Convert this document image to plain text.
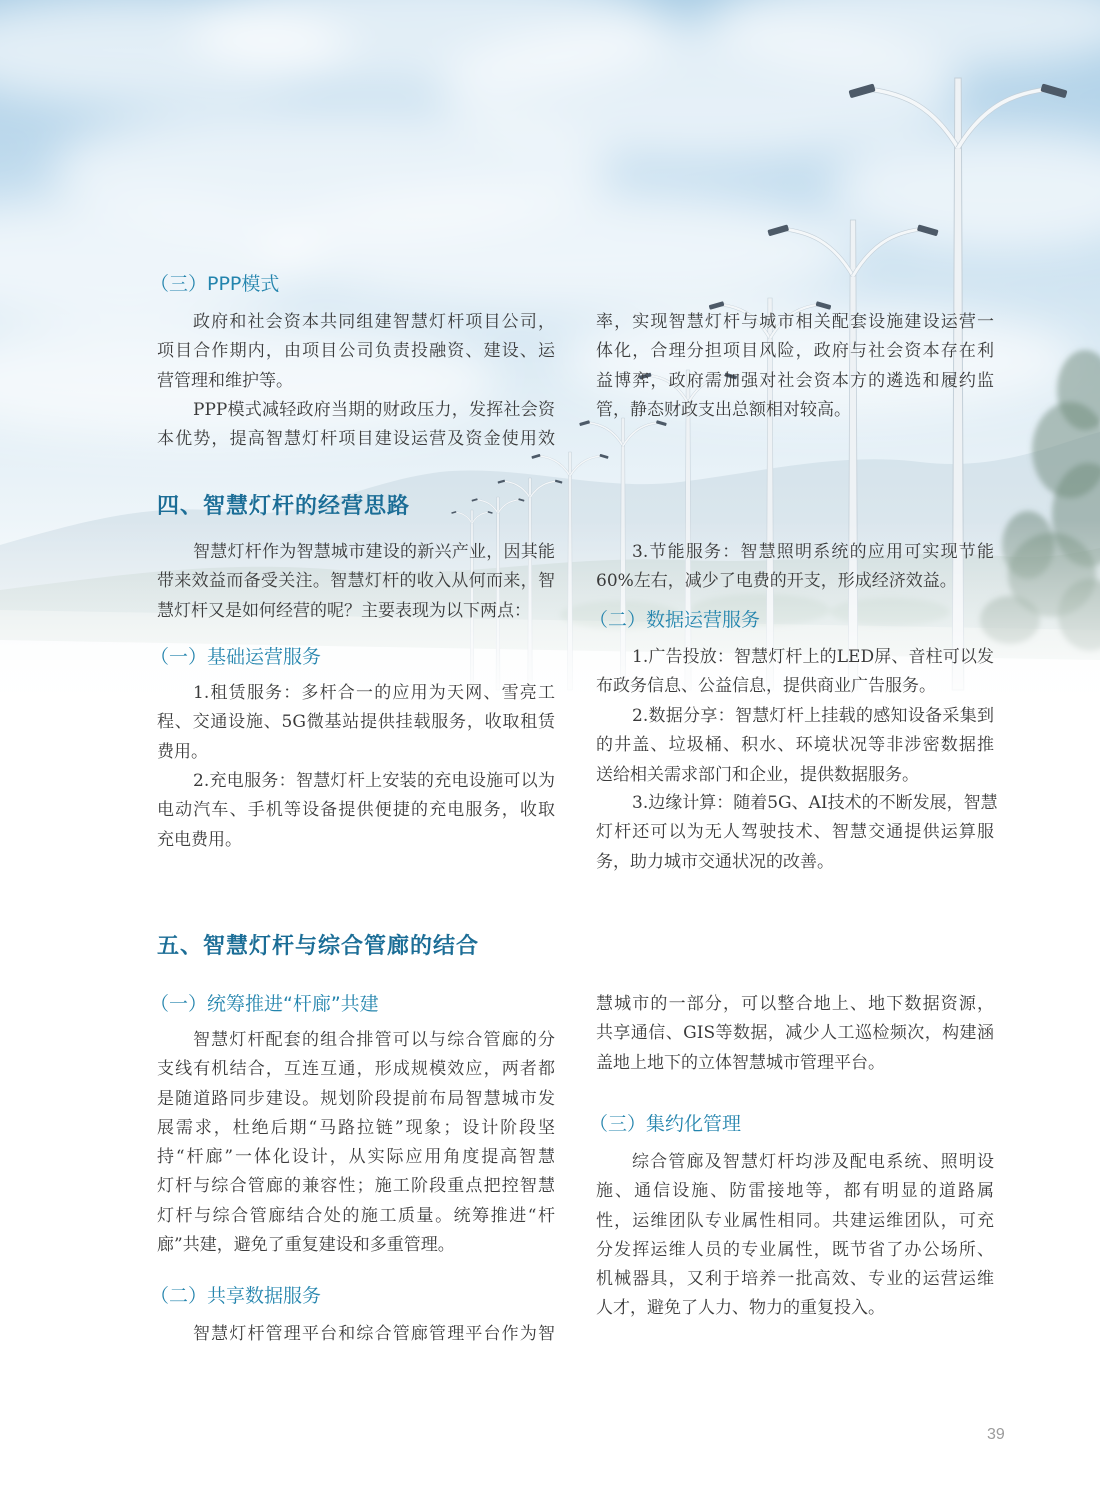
（三）PPP模式
政府和社会资本共同组建智慧灯杆项目公司，
项目合作期内，由项目公司负责投融资、建设、运
营管理和维护等。
PPP模式减轻政府当期的财政压力，发挥社会资
本优势，提高智慧灯杆项目建设运营及资金使用效
率，实现智慧灯杆与城市相关配套设施建设运营一
体化，合理分担项目风险，政府与社会资本存在利
益博弈，政府需加强对社会资本方的遴选和履约监
管，静态财政支出总额相对较高。
四、智慧灯杆的经营思路
智慧灯杆作为智慧城市建设的新兴产业，因其能
带来效益而备受关注。智慧灯杆的收入从何而来，智
慧灯杆又是如何经营的呢？主要表现为以下两点：
（一）基础运营服务
1.租赁服务：多杆合一的应用为天网、雪亮工
程、交通设施、5G微基站提供挂载服务，收取租赁
费用。
2.充电服务：智慧灯杆上安装的充电设施可以为
电动汽车、手机等设备提供便捷的充电服务，收取
充电费用。
3.节能服务：智慧照明系统的应用可实现节能
60%左右，减少了电费的开支，形成经济效益。
（二）数据运营服务
1.广告投放：智慧灯杆上的LED屏、音柱可以发
布政务信息、公益信息，提供商业广告服务。
2.数据分享：智慧灯杆上挂载的感知设备采集到
的井盖、垃圾桶、积水、环境状况等非涉密数据推
送给相关需求部门和企业，提供数据服务。
3.边缘计算：随着5G、AI技术的不断发展，智慧
灯杆还可以为无人驾驶技术、智慧交通提供运算服
务，助力城市交通状况的改善。
五、智慧灯杆与综合管廊的结合
（一）统筹推进“杆廊”共建
智慧灯杆配套的组合排管可以与综合管廊的分
支线有机结合，互连互通，形成规模效应，两者都
是随道路同步建设。规划阶段提前布局智慧城市发
展需求，杜绝后期“马路拉链”现象；设计阶段坚
持“杆廊”一体化设计，从实际应用角度提高智慧
灯杆与综合管廊的兼容性；施工阶段重点把控智慧
灯杆与综合管廊结合处的施工质量。统筹推进“杆
廊”共建，避免了重复建设和多重管理。
（二）共享数据服务
智慧灯杆管理平台和综合管廊管理平台作为智
慧城市的一部分，可以整合地上、地下数据资源，
共享通信、GIS等数据，减少人工巡检频次，构建涵
盖地上地下的立体智慧城市管理平台。
（三）集约化管理
综合管廊及智慧灯杆均涉及配电系统、照明设
施、通信设施、防雷接地等，都有明显的道路属
性，运维团队专业属性相同。共建运维团队，可充
分发挥运维人员的专业属性，既节省了办公场所、
机械器具，又利于培养一批高效、专业的运营运维
人才，避免了人力、物力的重复投入。
39
